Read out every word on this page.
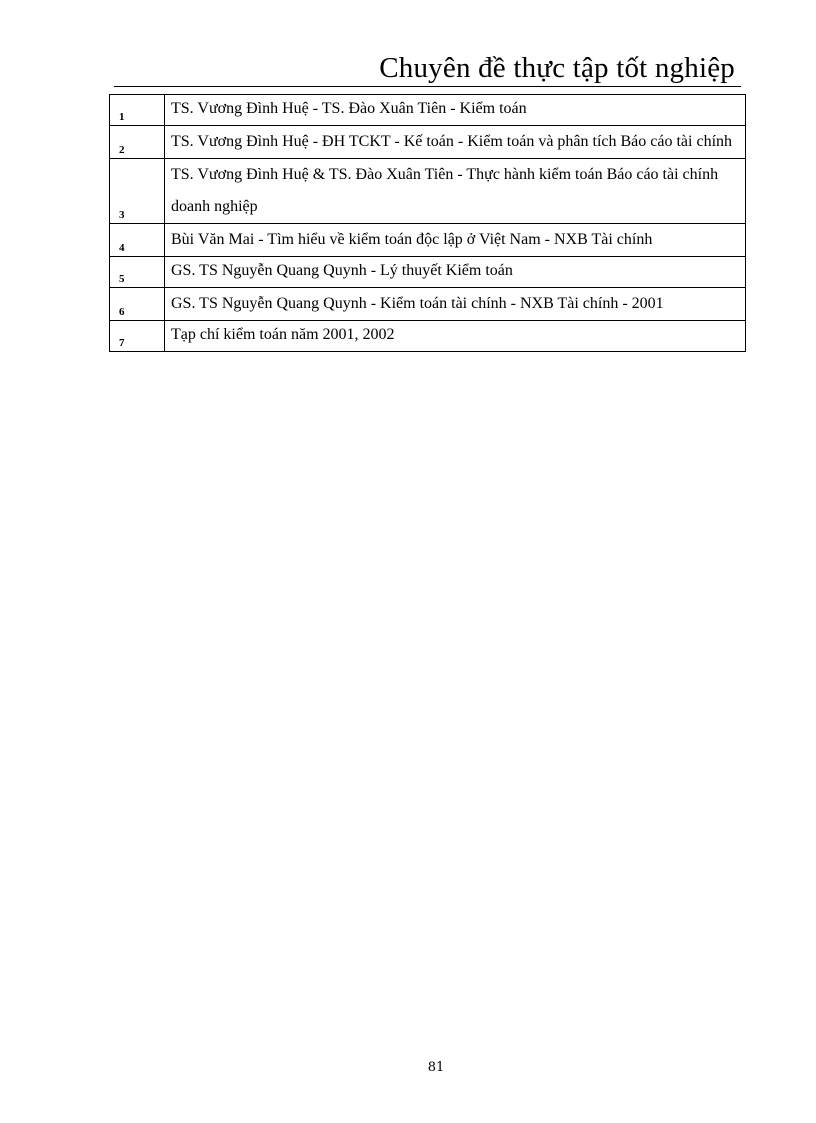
Chuyên đề thực tập tốt nghiệp
1	TS. Vương Đình Huệ - TS. Đào Xuân Tiên - Kiểm toán
2	TS. Vương Đình Huệ - ĐH TCKT - Kế toán - Kiểm toán và phân tích Báo cáo tài chính
3	TS. Vương Đình Huệ & TS. Đào Xuân Tiên - Thực hành kiểm toán Báo cáo tài chính doanh nghiệp
4	Bùi Văn Mai - Tìm hiểu về kiểm toán độc lập ở Việt Nam - NXB Tài chính
5	GS. TS Nguyễn Quang Quynh - Lý thuyết Kiểm toán
6	GS. TS Nguyễn Quang Quynh - Kiểm toán tài chính - NXB Tài chính - 2001
7	Tạp chí kiểm toán năm 2001, 2002
81
